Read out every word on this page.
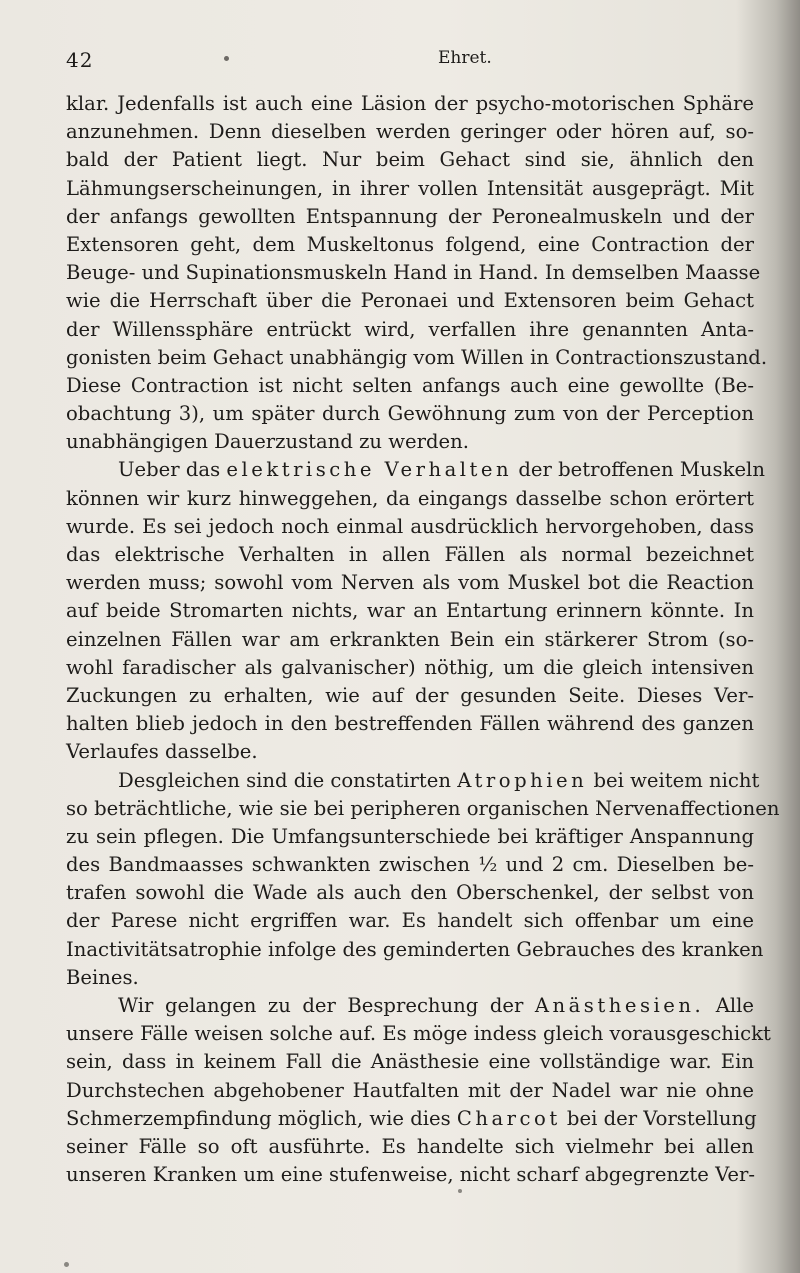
42	Ehret.
klar. Jedenfalls ist auch eine Läsion der psycho-motorischen Sphäre
anzunehmen. Denn dieselben werden geringer oder hören auf, so-
bald der Patient liegt. Nur beim Gehact sind sie, ähnlich den
Lähmungserscheinungen, in ihrer vollen Intensität ausgeprägt. Mit
der anfangs gewollten Entspannung der Peronealmuskeln und der
Extensoren geht, dem Muskeltonus folgend, eine Contraction der
Beuge- und Supinationsmuskeln Hand in Hand. In demselben Maasse
wie die Herrschaft über die Peronaei und Extensoren beim Gehact
der Willenssphäre entrückt wird, verfallen ihre genannten Anta-
gonisten beim Gehact unabhängig vom Willen in Contractionszustand.
Diese Contraction ist nicht selten anfangs auch eine gewollte (Be-
obachtung 3), um später durch Gewöhnung zum von der Perception
unabhängigen Dauerzustand zu werden.
Ueber das elektrische Verhalten der betroffenen Muskeln
können wir kurz hinweggehen, da eingangs dasselbe schon erörtert
wurde. Es sei jedoch noch einmal ausdrücklich hervorgehoben, dass
das elektrische Verhalten in allen Fällen als normal bezeichnet
werden muss; sowohl vom Nerven als vom Muskel bot die Reaction
auf beide Stromarten nichts, war an Entartung erinnern könnte. In
einzelnen Fällen war am erkrankten Bein ein stärkerer Strom (so-
wohl faradischer als galvanischer) nöthig, um die gleich intensiven
Zuckungen zu erhalten, wie auf der gesunden Seite. Dieses Ver-
halten blieb jedoch in den bestreffenden Fällen während des ganzen
Verlaufes dasselbe.
Desgleichen sind die constatirten Atrophien bei weitem nicht
so beträchtliche, wie sie bei peripheren organischen Nervenaffectionen
zu sein pflegen. Die Umfangsunterschiede bei kräftiger Anspannung
des Bandmaasses schwankten zwischen ½ und 2 cm. Dieselben be-
trafen sowohl die Wade als auch den Oberschenkel, der selbst von
der Parese nicht ergriffen war. Es handelt sich offenbar um eine
Inactivitätsatrophie infolge des geminderten Gebrauches des kranken
Beines.
Wir gelangen zu der Besprechung der Anästhesien. Alle
unsere Fälle weisen solche auf. Es möge indess gleich vorausgeschickt
sein, dass in keinem Fall die Anästhesie eine vollständige war. Ein
Durchstechen abgehobener Hautfalten mit der Nadel war nie ohne
Schmerzempfindung möglich, wie dies Charcot bei der Vorstellung
seiner Fälle so oft ausführte. Es handelte sich vielmehr bei allen
unseren Kranken um eine stufenweise, nicht scharf abgegrenzte Ver-
